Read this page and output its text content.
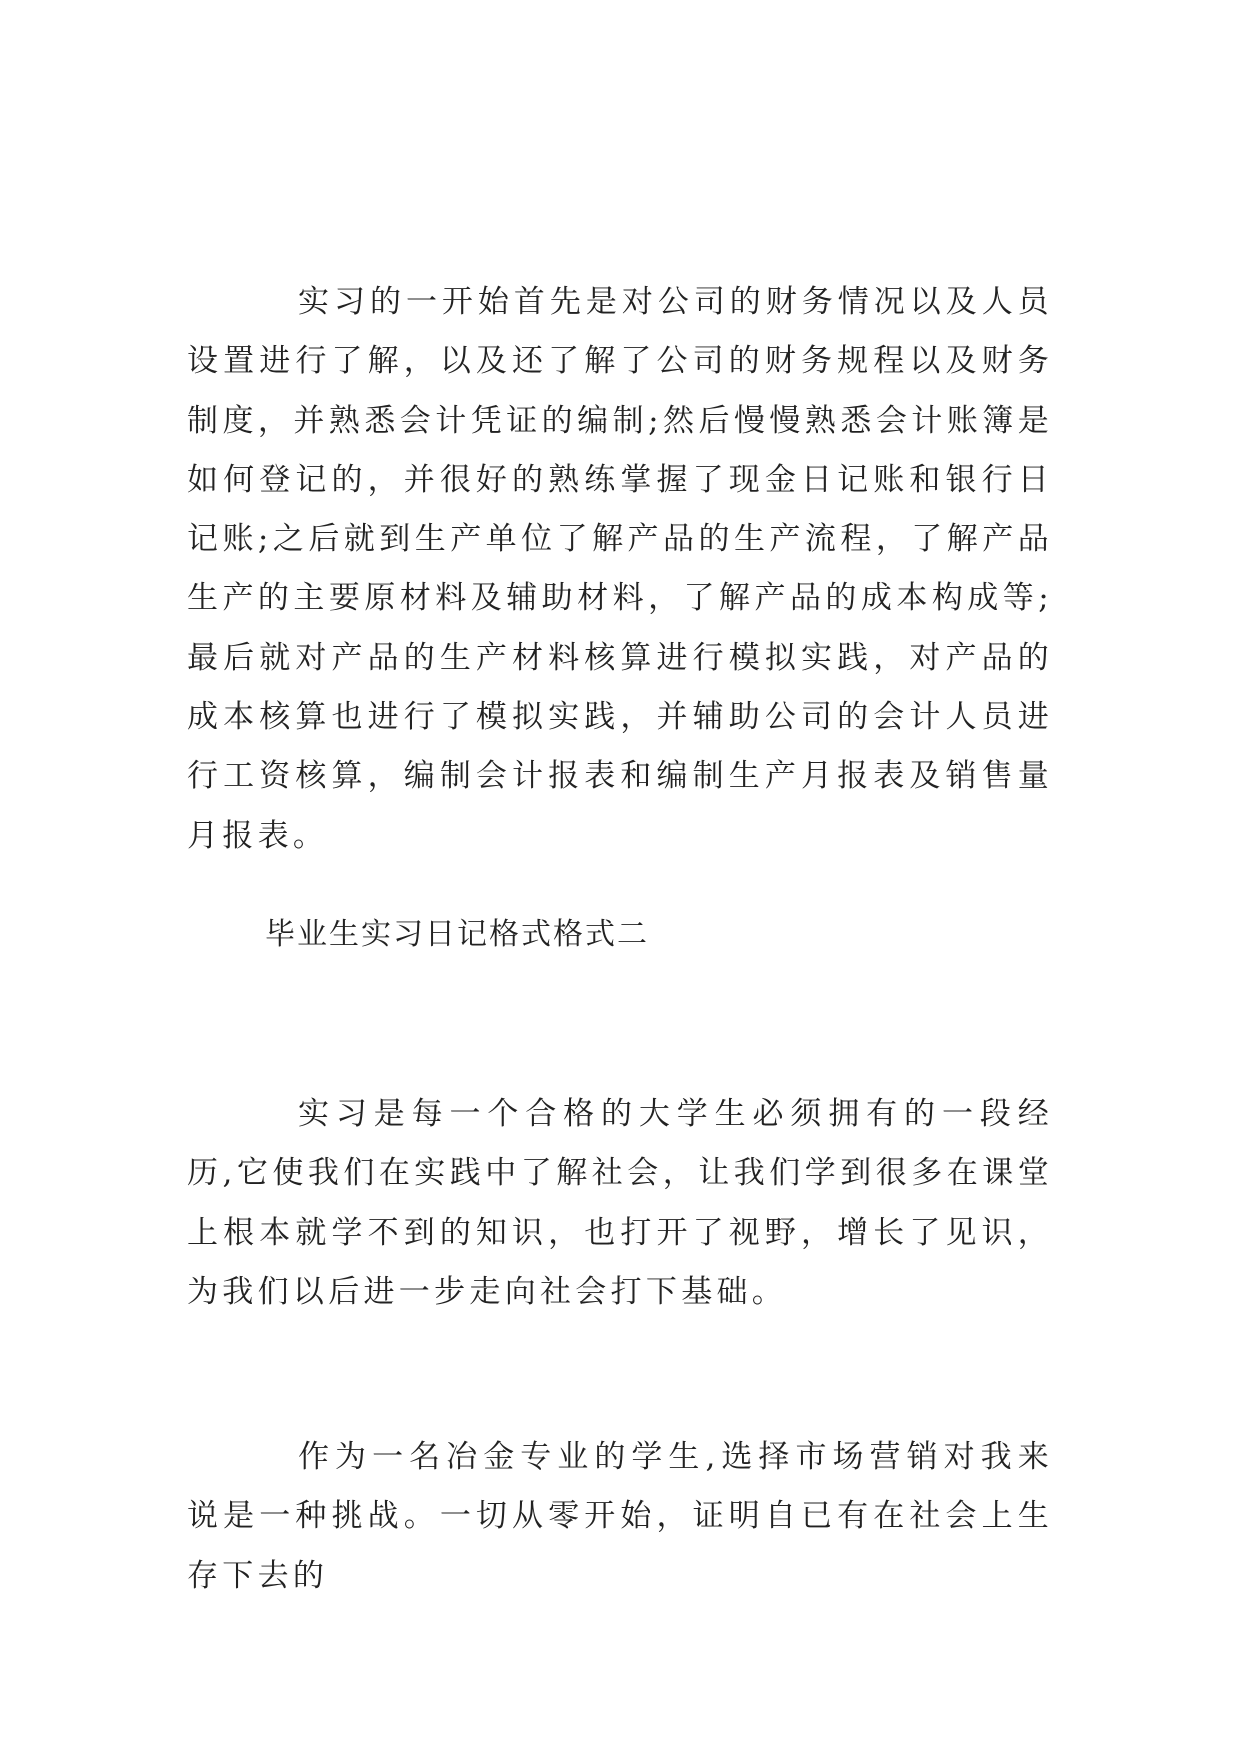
实习的一开始首先是对公司的财务情况以及人员设置进行了解，以及还了解了公司的财务规程以及财务制度，并熟悉会计凭证的编制;然后慢慢熟悉会计账簿是如何登记的，并很好的熟练掌握了现金日记账和银行日记账;之后就到生产单位了解产品的生产流程，了解产品生产的主要原材料及辅助材料，了解产品的成本构成等;最后就对产品的生产材料核算进行模拟实践，对产品的成本核算也进行了模拟实践，并辅助公司的会计人员进行工资核算，编制会计报表和编制生产月报表及销售量月报表。

毕业生实习日记格式格式二

实习是每一个合格的大学生必须拥有的一段经历,它使我们在实践中了解社会，让我们学到很多在课堂上根本就学不到的知识，也打开了视野，增长了见识，为我们以后进一步走向社会打下基础。

作为一名冶金专业的学生,选择市场营销对我来说是一种挑战。一切从零开始，证明自已有在社会上生存下去的
